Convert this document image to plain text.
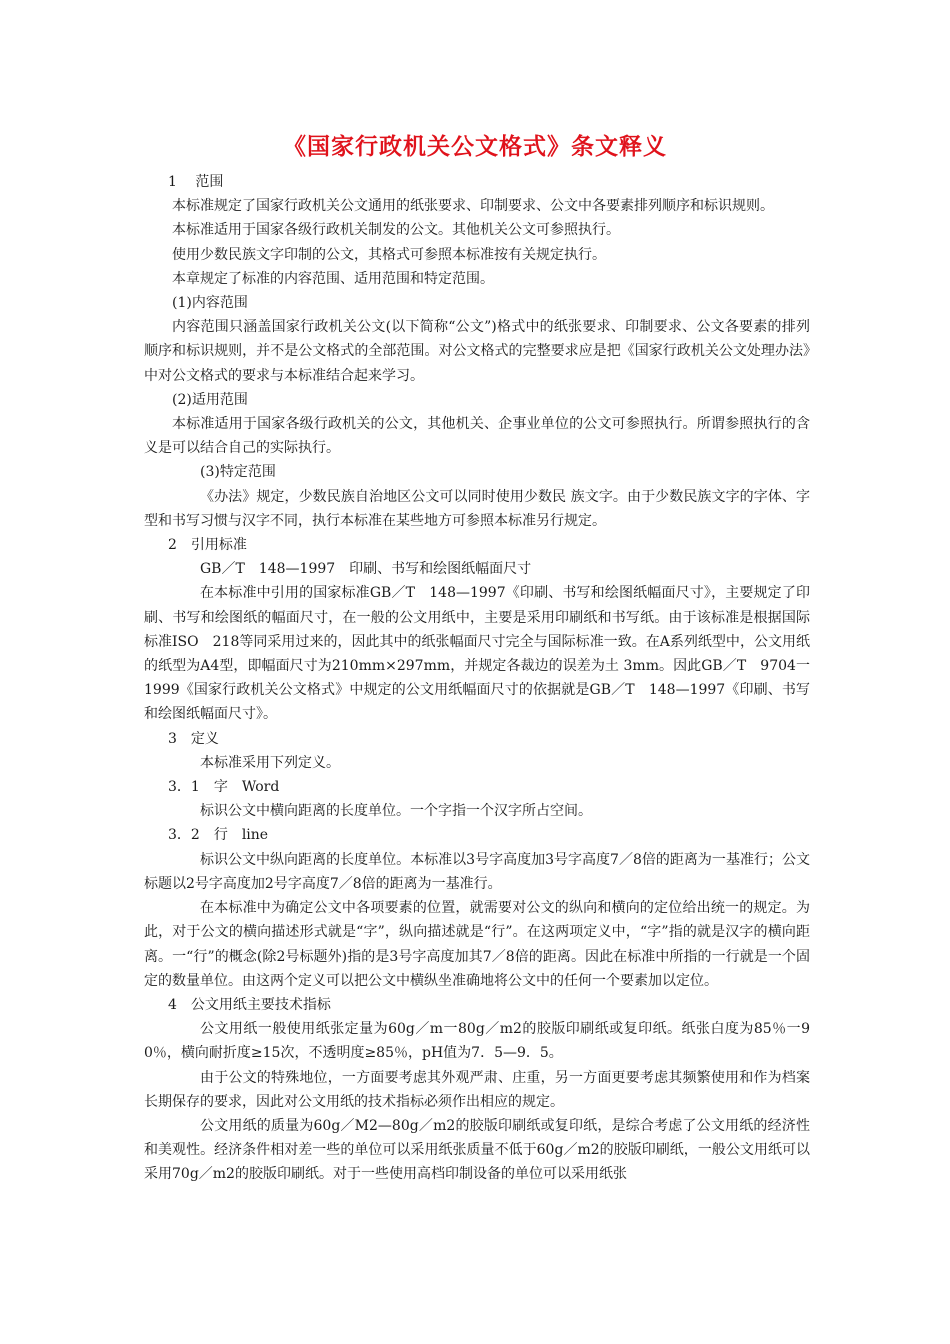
《国家行政机关公文格式》条文释义

1　 范围

本标准规定了国家行政机关公文通用的纸张要求、印制要求、公文中各要素排列顺序和标识规则。

本标准适用于国家各级行政机关制发的公文。其他机关公文可参照执行。

使用少数民族文字印制的公文，其格式可参照本标准按有关规定执行。

本章规定了标准的内容范围、适用范围和特定范围。

(1)内容范围

内容范围只涵盖国家行政机关公文(以下简称“公文”)格式中的纸张要求、印制要求、公文各要素的排列顺序和标识规则，并不是公文格式的全部范围。对公文格式的完整要求应是把《国家行政机关公文处理办法》中对公文格式的要求与本标准结合起来学习。

(2)适用范围

本标准适用于国家各级行政机关的公文，其他机关、企事业单位的公文可参照执行。所谓参照执行的含义是可以结合自己的实际执行。

(3)特定范围

《办法》规定，少数民族自治地区公文可以同时使用少数民 族文字。由于少数民族文字的字体、字型和书写习惯与汉字不同，执行本标准在某些地方可参照本标准另行规定。

2　引用标准

GB／T　148—1997　印刷、书写和绘图纸幅面尺寸

在本标准中引用的国家标准GB／T　148—1997《印刷、书写和绘图纸幅面尺寸》，主要规定了印刷、书写和绘图纸的幅面尺寸，在一般的公文用纸中，主要是采用印刷纸和书写纸。由于该标准是根据国际标准ISO　218等同采用过来的，因此其中的纸张幅面尺寸完全与国际标准一致。在A系列纸型中，公文用纸的纸型为A4型，即幅面尺寸为210mm×297mm，并规定各裁边的误差为土 3mm。因此GB／T　9704一1999《国家行政机关公文格式》中规定的公文用纸幅面尺寸的依据就是GB／T　148—1997《印刷、书写和绘图纸幅面尺寸》。

3　定义

本标准采用下列定义。

3．1　字　Word

标识公文中横向距离的长度单位。一个字指一个汉字所占空间。

3．2　行　line

标识公文中纵向距离的长度单位。本标准以3号字高度加3号字高度7／8倍的距离为一基准行；公文标题以2号字高度加2号字高度7／8倍的距离为一基准行。

在本标准中为确定公文中各项要素的位置，就需要对公文的纵向和横向的定位给出统一的规定。为此，对于公文的横向描述形式就是“字”，纵向描述就是“行”。在这两项定义中，“字”指的就是汉字的横向距离。一“行”的概念(除2号标题外)指的是3号字高度加其7／8倍的距离。因此在标准中所指的一行就是一个固定的数量单位。由这两个定义可以把公文中横纵坐准确地将公文中的任何一个要素加以定位。

4　公文用纸主要技术指标

公文用纸一般使用纸张定量为60g／m一80g／m2的胶版印刷纸或复印纸。纸张白度为85％一90％，横向耐折度≥15次，不透明度≥85％，pH值为7．5—9．5。

由于公文的特殊地位，一方面要考虑其外观严肃、庄重，另一方面更要考虑其频繁使用和作为档案长期保存的要求，因此对公文用纸的技术指标必须作出相应的规定。

公文用纸的质量为60g／M2—80g／m2的胶版印刷纸或复印纸，是综合考虑了公文用纸的经济性和美观性。经济条件相对差一些的单位可以采用纸张质量不低于60g／m2的胶版印刷纸，一般公文用纸可以采用70g／m2的胶版印刷纸。对于一些使用高档印制设备的单位可以采用纸张
